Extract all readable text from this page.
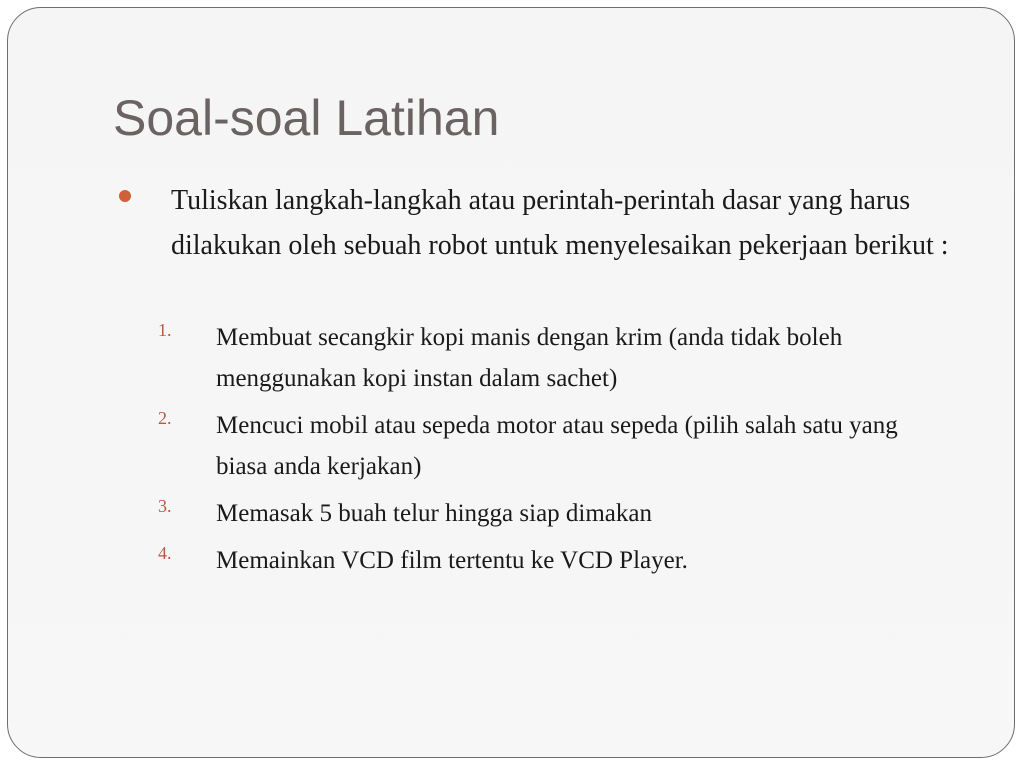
Soal-soal Latihan

Tuliskan langkah-langkah atau perintah-perintah dasar yang harus dilakukan oleh sebuah robot untuk menyelesaikan pekerjaan berikut :

1.	Membuat secangkir kopi manis dengan krim (anda tidak boleh menggunakan kopi instan dalam sachet)
2.	Mencuci mobil atau sepeda motor atau sepeda (pilih salah satu yang biasa anda kerjakan)
3.	Memasak 5 buah telur hingga siap dimakan
4.	Memainkan VCD film tertentu ke VCD Player.
